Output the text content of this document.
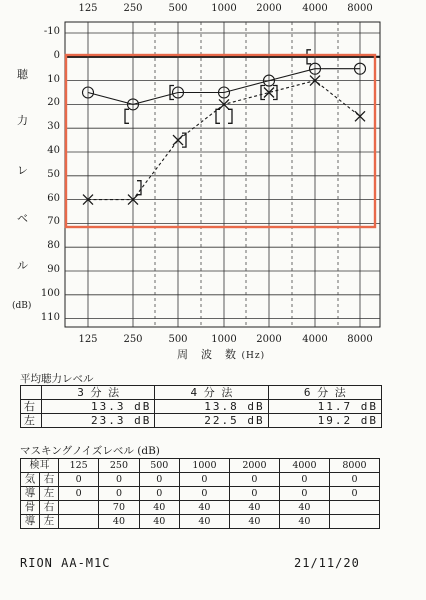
125	250	500 1000 2000 4000 8000
125	250	500 1000 2000 4000 8000
-10
0
10
20
30
40
50
60
70
80
90
100
110
聴
力
レ
ベ
ル
(dB)
周　波　数 (Hz)
平均聴力レベル
	3 分 法	4 分 法	6 分 法
右	13.3 dB	13.8 dB	11.7 dB
左	23.3 dB	22.5 dB	19.2 dB
マスキングノイズレベル (dB)
検耳		125	250	500	1000	2000	4000	8000
気	右	0	0	0	0	0	0	0
導	左	0	0	0	0	0	0	0
骨	右		70	40	40	40	40	
導	左		40	40	40	40	40	
RION AA-M1C	21/11/20
